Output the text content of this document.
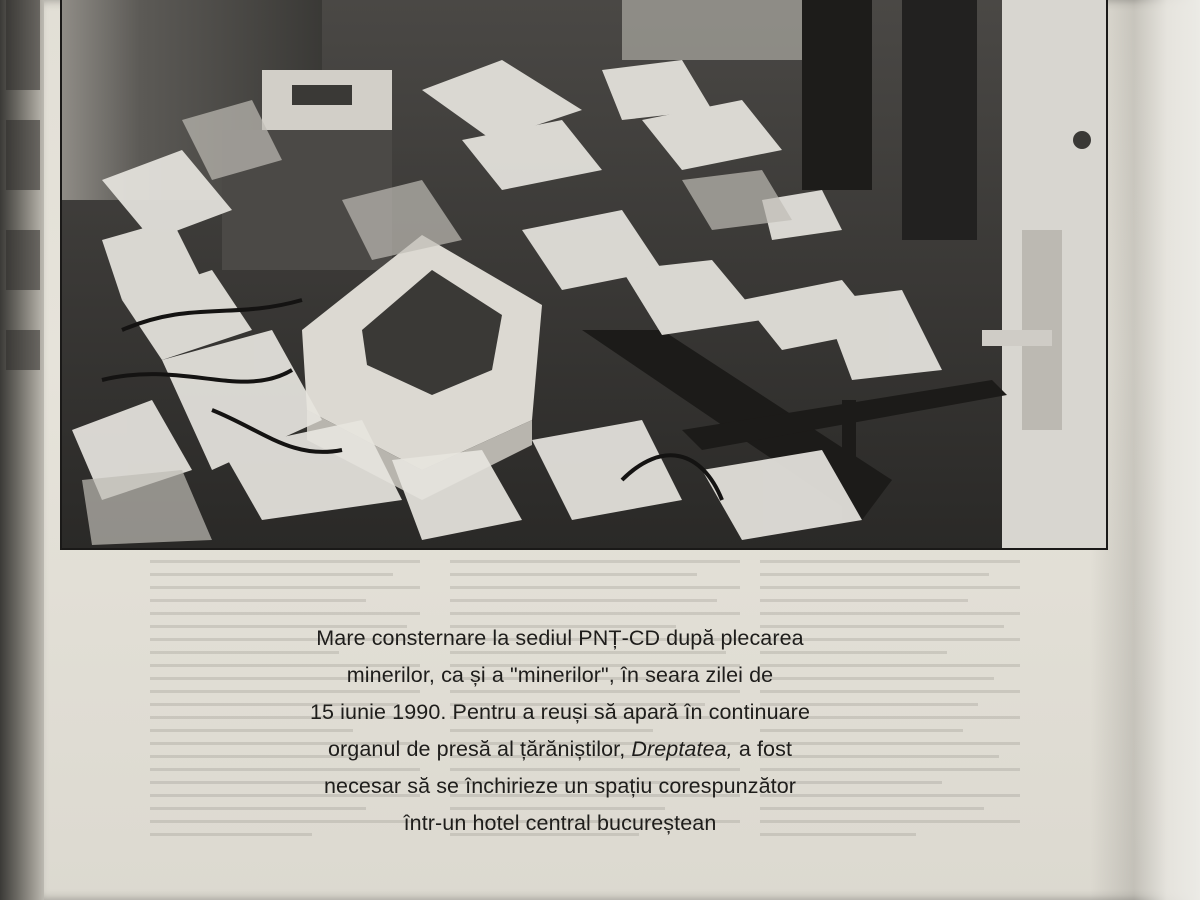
Mare consternare la sediul PNȚ-CD după plecarea
minerilor, ca și a "minerilor", în seara zilei de
15 iunie 1990. Pentru a reuși să apară în continuare
organul de presă al țărăniștilor, Dreptatea, a fost
necesar să se închirieze un spațiu corespunzător
într-un hotel central bucureștean
